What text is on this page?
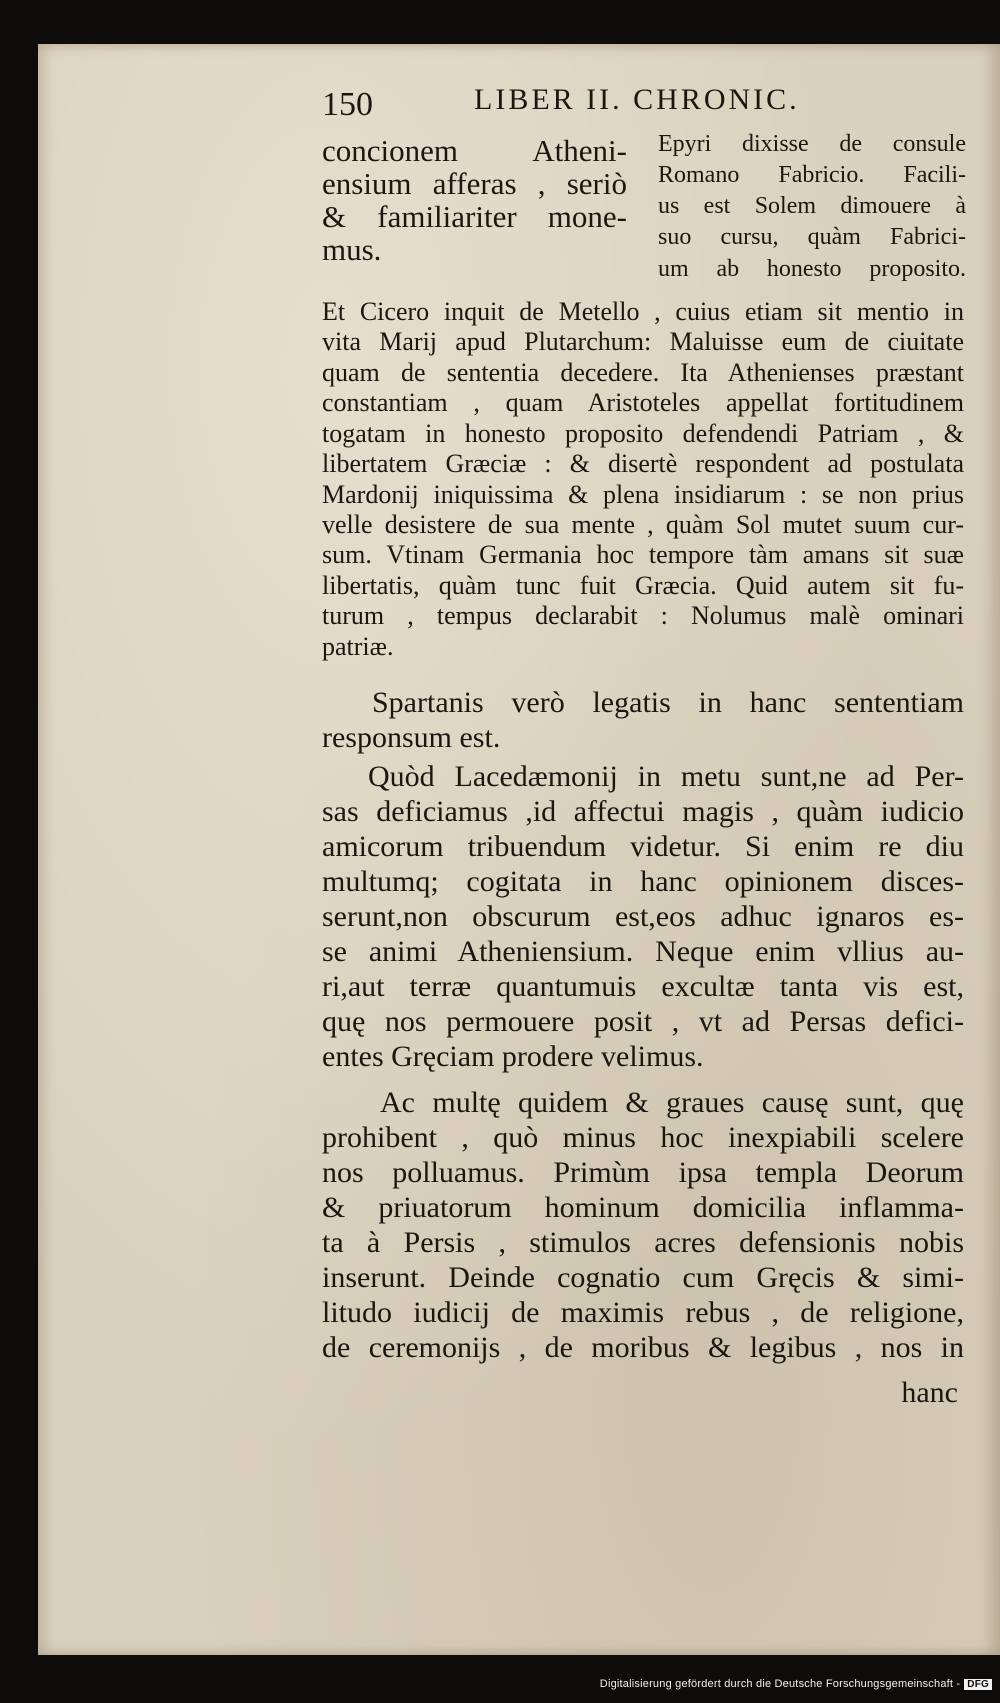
150	LIBER II. CHRONIC.
concionem Atheni-
ensium afferas , seriò
& familiariter mone-
mus.
Epyri dixisse de consule
Romano Fabricio. Facili-
us est Solem dimouere à
suo cursu, quàm Fabrici-
um ab honesto proposito.
Et Cicero inquit de Metello , cuius etiam sit mentio in
vita Marij apud Plutarchum: Maluisse eum de ciuitate
quam de sententia decedere. Ita Athenienses præstant
constantiam , quam Aristoteles appellat fortitudinem
togatam in honesto proposito defendendi Patriam , &
libertatem Græciæ : & disertè respondent ad postulata
Mardonij iniquissima & plena insidiarum : se non prius
velle desistere de sua mente , quàm Sol mutet suum cur-
sum. Vtinam Germania hoc tempore tàm amans sit suæ
libertatis, quàm tunc fuit Græcia. Quid autem sit fu-
turum , tempus declarabit : Nolumus malè ominari
patriæ.
Spartanis verò legatis in hanc sententiam
responsum est.
Quòd Lacedæmonij in metu sunt,ne ad Per-
sas deficiamus ,id affectui magis , quàm iudicio
amicorum tribuendum videtur. Si enim re diu
multumq; cogitata in hanc opinionem disces-
serunt,non obscurum est,eos adhuc ignaros es-
se animi Atheniensium. Neque enim vllius au-
ri,aut terræ quantumuis excultæ tanta vis est,
quę nos permouere posit , vt ad Persas defici-
entes Gręciam prodere velimus.
Ac multę quidem & graues causę sunt, quę
prohibent , quò minus hoc inexpiabili scelere
nos polluamus. Primùm ipsa templa Deorum
& priuatorum hominum domicilia inflamma-
ta à Persis , stimulos acres defensionis nobis
inserunt. Deinde cognatio cum Gręcis & simi-
litudo iudicij de maximis rebus , de religione,
de ceremonijs , de moribus & legibus , nos in
hanc
Digitalisierung gefördert durch die Deutsche Forschungsgemeinschaft - DFG
